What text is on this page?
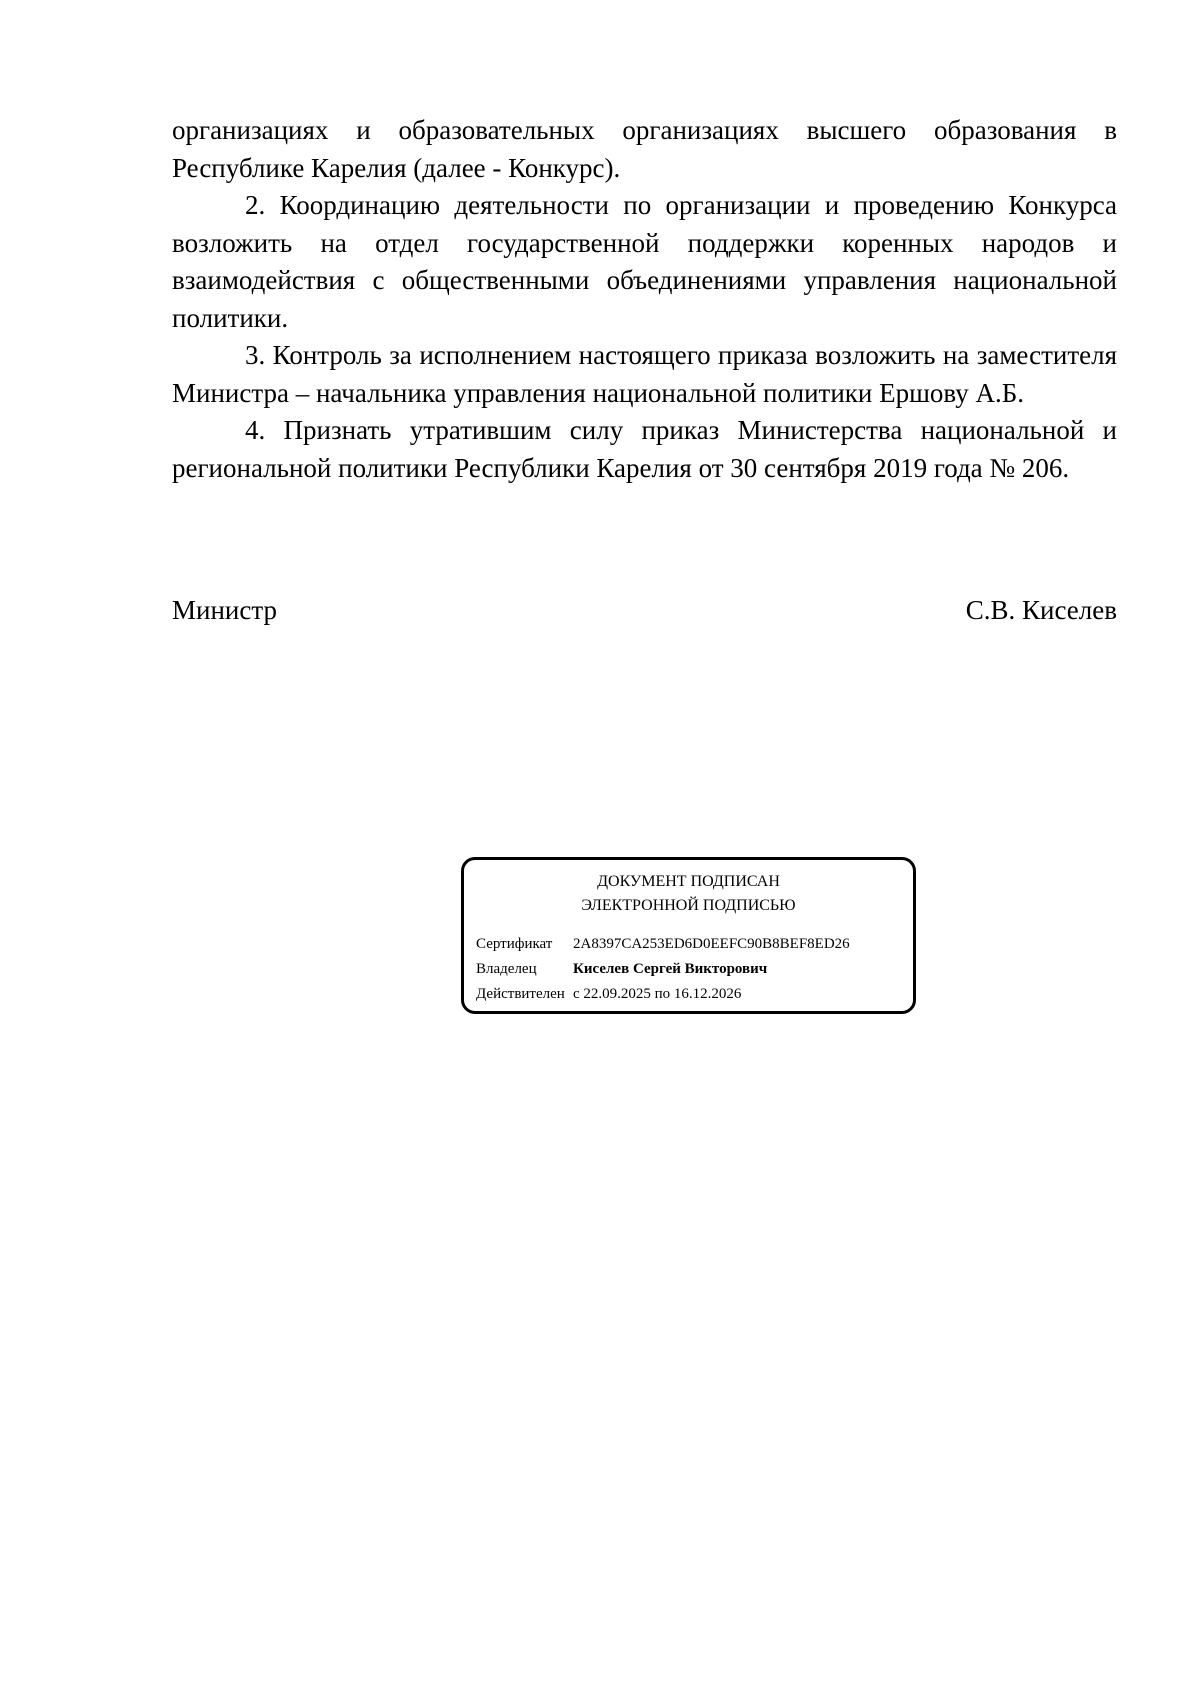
организациях и образовательных организациях высшего образования в Республике Карелия (далее - Конкурс).

2. Координацию деятельности по организации и проведению Конкурса возложить на отдел государственной поддержки коренных народов и взаимодействия с общественными объединениями управления национальной политики.

3. Контроль за исполнением настоящего приказа возложить на заместителя Министра – начальника управления национальной политики Ершову А.Б.

4. Признать утратившим силу приказ Министерства национальной и региональной политики Республики Карелия от 30 сентября 2019 года № 206.

Министр	С.В. Киселев
ДОКУМЕНТ ПОДПИСАН
ЭЛЕКТРОННОЙ ПОДПИСЬЮ
Сертификат 2A8397CA253ED6D0EEFC90B8BEF8ED26
Владелец Киселев Сергей Викторович
Действителен с 22.09.2025 по 16.12.2026
